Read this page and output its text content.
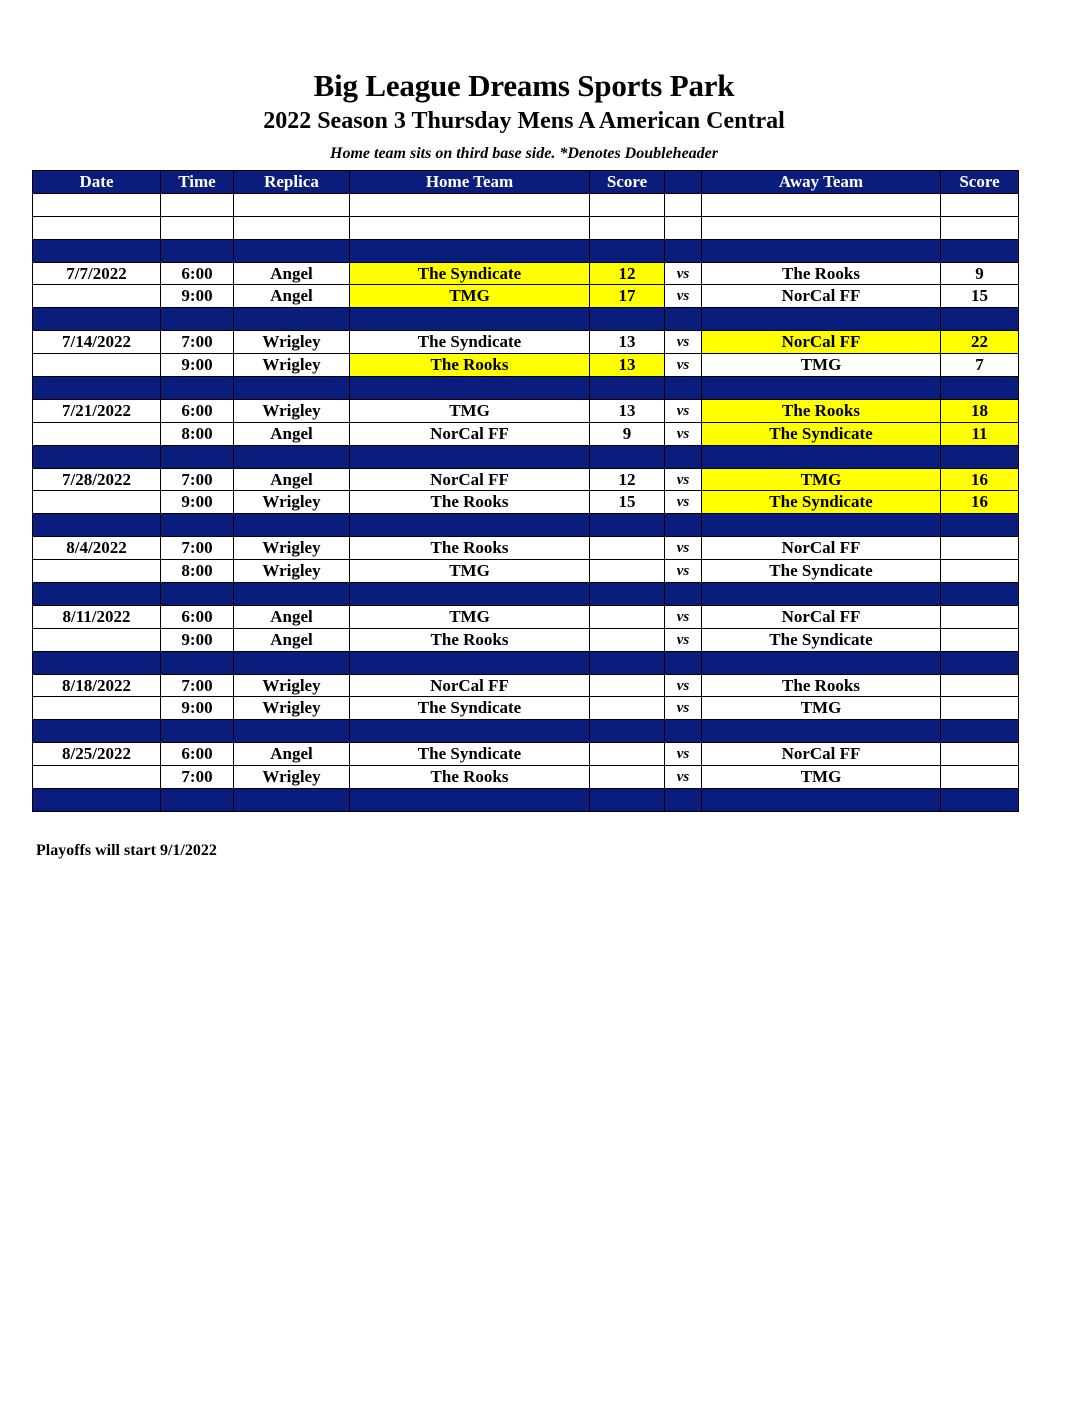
Big League Dreams Sports Park
2022 Season 3 Thursday Mens A American Central
Home team sits on third base side. *Denotes Doubleheader
Date	Time	Replica	Home Team	Score		Away Team	Score

7/7/2022	6:00	Angel	The Syndicate	12	vs	The Rooks	9
	9:00	Angel	TMG	17	vs	NorCal FF	15

7/14/2022	7:00	Wrigley	The Syndicate	13	vs	NorCal FF	22
	9:00	Wrigley	The Rooks	13	vs	TMG	7

7/21/2022	6:00	Wrigley	TMG	13	vs	The Rooks	18
	8:00	Angel	NorCal FF	9	vs	The Syndicate	11

7/28/2022	7:00	Angel	NorCal FF	12	vs	TMG	16
	9:00	Wrigley	The Rooks	15	vs	The Syndicate	16

8/4/2022	7:00	Wrigley	The Rooks		vs	NorCal FF	
	8:00	Wrigley	TMG		vs	The Syndicate	

8/11/2022	6:00	Angel	TMG		vs	NorCal FF	
	9:00	Angel	The Rooks		vs	The Syndicate	

8/18/2022	7:00	Wrigley	NorCal FF		vs	The Rooks	
	9:00	Wrigley	The Syndicate		vs	TMG	

8/25/2022	6:00	Angel	The Syndicate		vs	NorCal FF	
	7:00	Wrigley	The Rooks		vs	TMG	

Playoffs will start 9/1/2022
